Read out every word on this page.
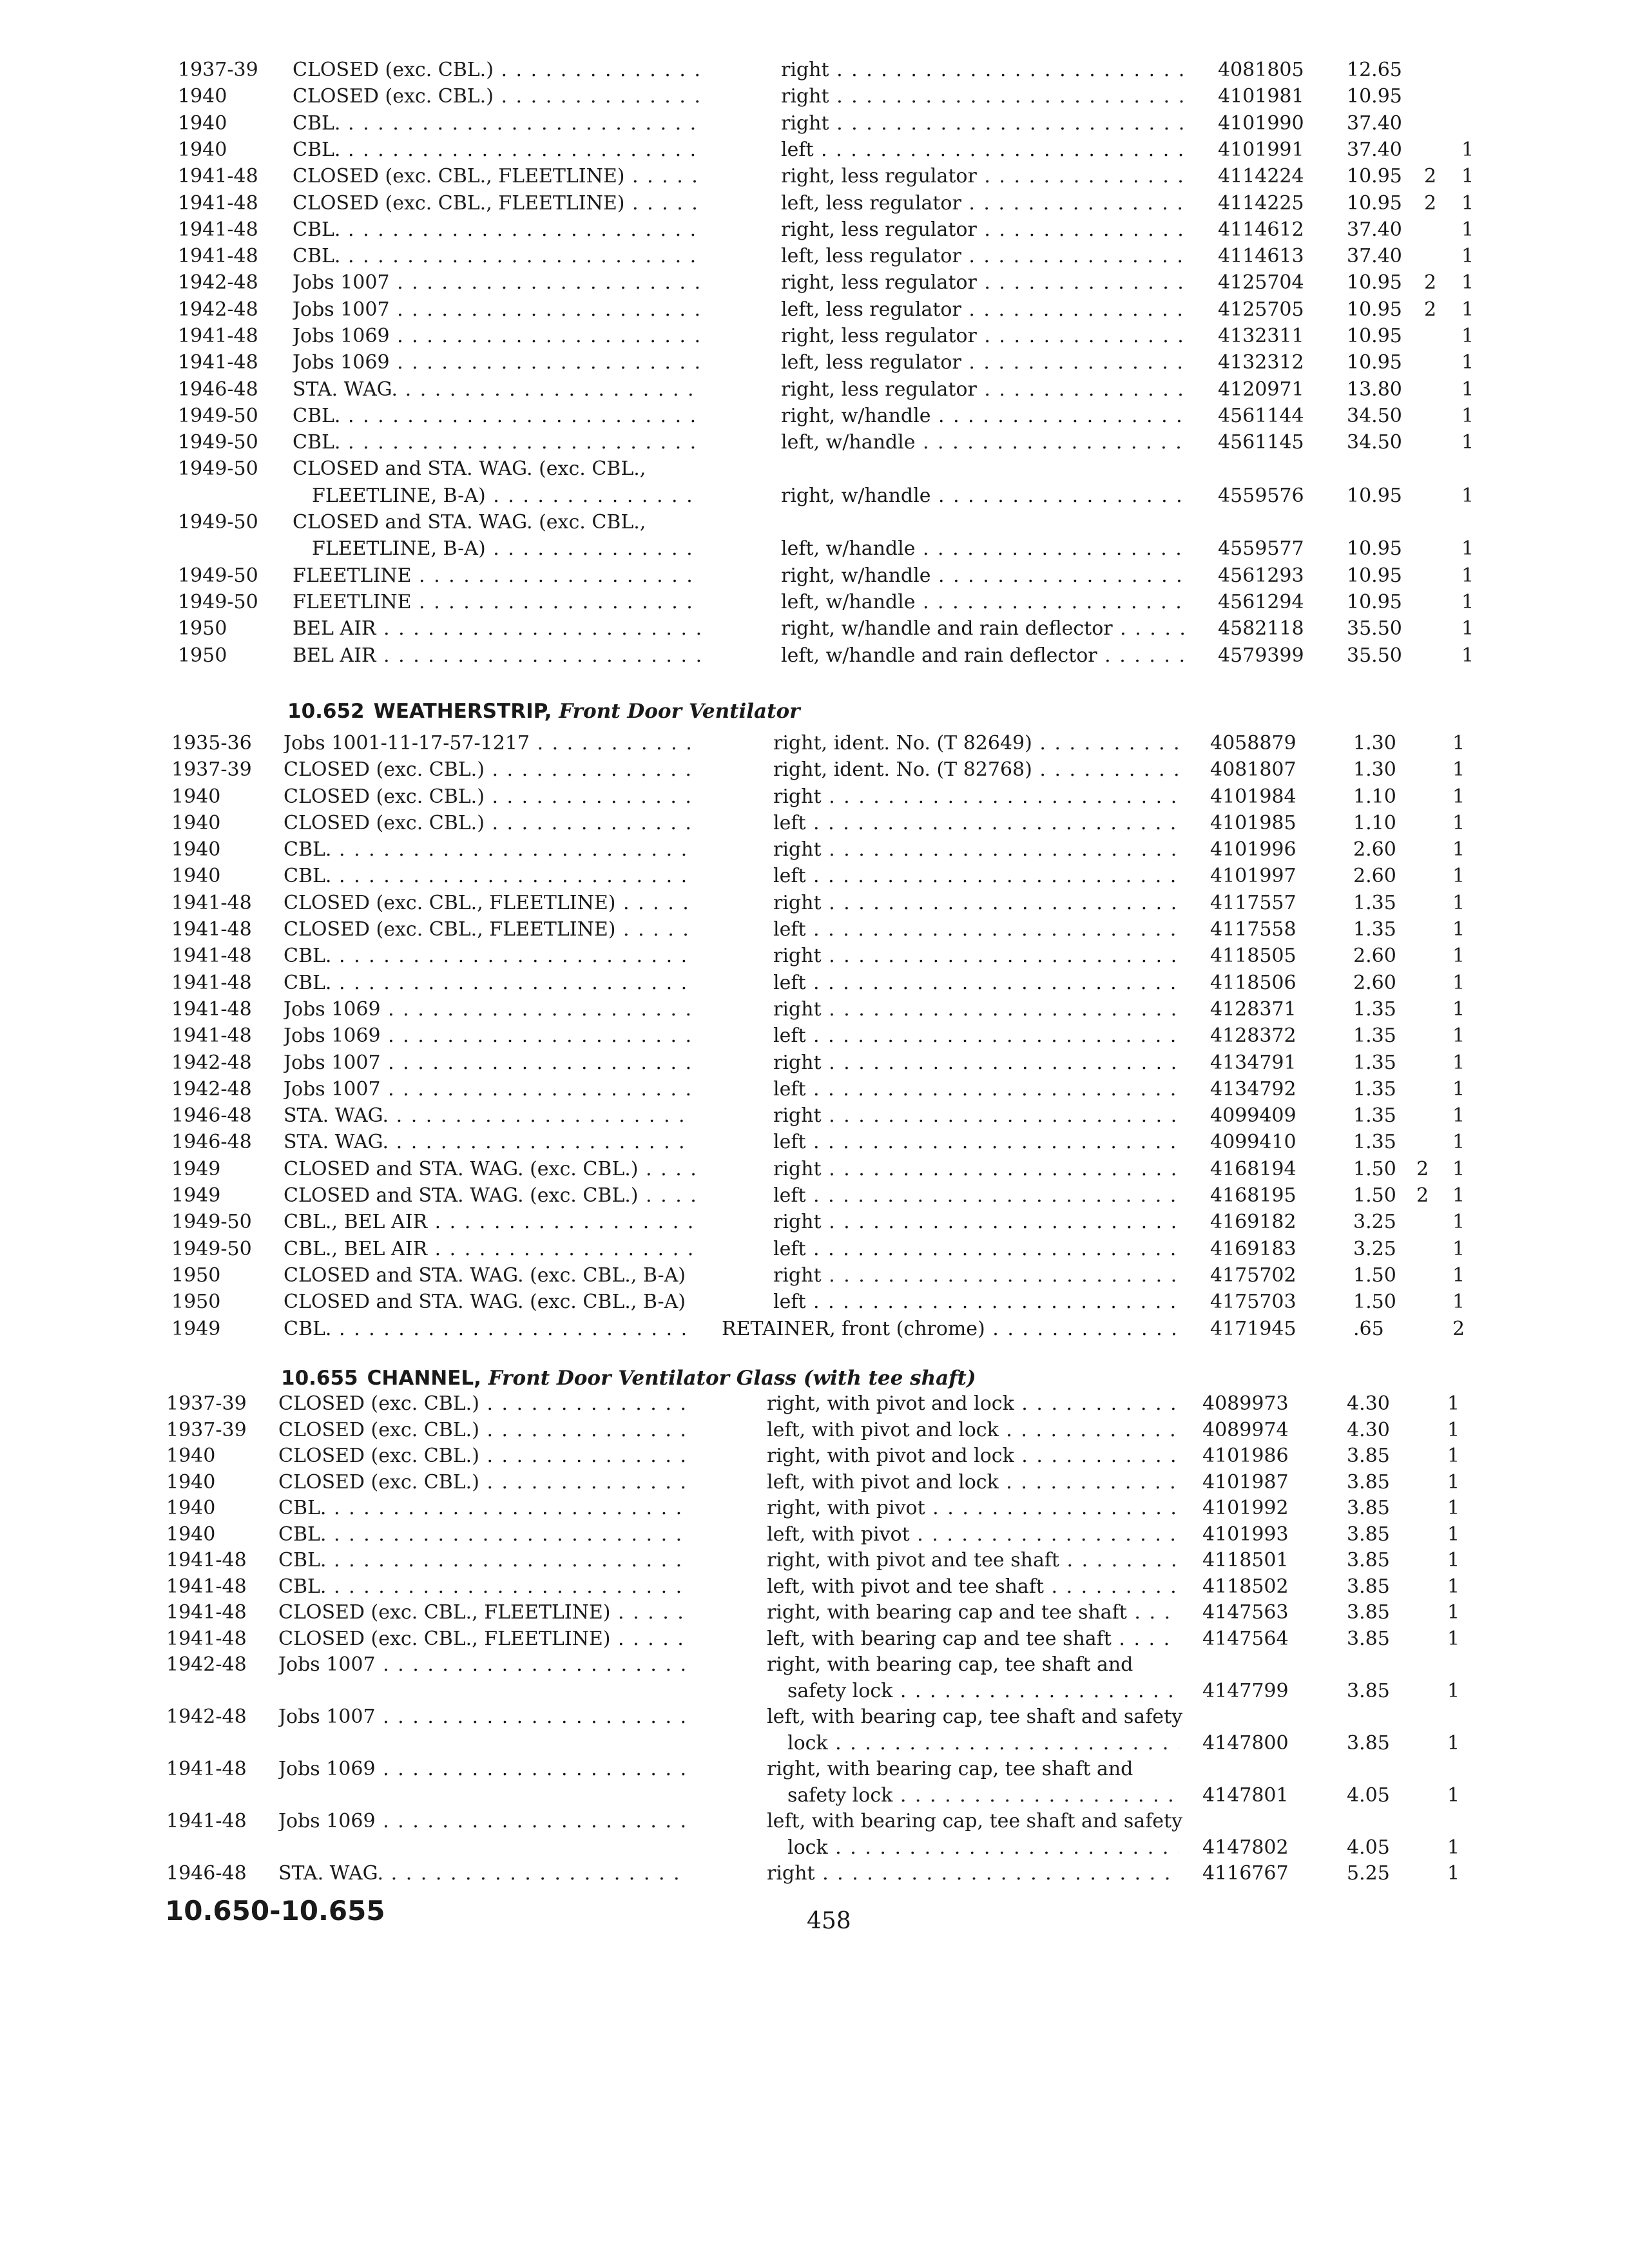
1937-39 CLOSED (exc. CBL.) . . .	right . . .	4081805 12.65
1940	CLOSED (exc. CBL.) . . .	right . . .	4101981 10.95
1940	CBL. . . .	right . . .	4101990 37.40
1940	CBL. . . .	left . . .	4101991 37.40	1
1941-48 CLOSED (exc. CBL., FLEETLINE) . . .	right, less regulator . . .	4114224 10.95 2 1
1941-48 CLOSED (exc. CBL., FLEETLINE) . . .	left, less regulator . . .	4114225 10.95 2 1
1941-48 CBL. . . .	right, less regulator . . .	4114612 37.40	1
1941-48 CBL. . . .	left, less regulator . . .	4114613 37.40	1
1942-48 Jobs 1007 . . .	right, less regulator . . .	4125704 10.95 2 1
1942-48 Jobs 1007 . . .	left, less regulator . . .	4125705 10.95 2 1
1941-48 Jobs 1069 . . .	right, less regulator . . .	4132311 10.95	1
1941-48 Jobs 1069 . . .	left, less regulator . . .	4132312 10.95	1
1946-48 STA. WAG. . . .	right, less regulator . . .	4120971 13.80	1
1949-50 CBL. . . .	right, w/handle . . .	4561144 34.50	1
1949-50 CBL. . . .	left, w/handle . . .	4561145 34.50	1
1949-50 CLOSED and STA. WAG. (exc. CBL.,
FLEETLINE, B-A) . . .	right, w/handle . . .	4559576 10.95	1
1949-50 CLOSED and STA. WAG. (exc. CBL.,
FLEETLINE, B-A) . . .	left, w/handle . . .	4559577 10.95	1
1949-50 FLEETLINE . . .	right, w/handle . . .	4561293 10.95	1
1949-50 FLEETLINE . . .	left, w/handle . . .	4561294 10.95	1
1950	BEL AIR . . .	right, w/handle and rain deflector . . .	4582118 35.50	1
1950	BEL AIR . . .	left, w/handle and rain deflector . . .	4579399 35.50	1
10.652 WEATHERSTRIP, Front Door Ventilator
1935-36 Jobs 1001-11-17-57-1217 . . .	right, ident. No. (T 82649) . . .	4058879	1.30	1
1937-39 CLOSED (exc. CBL.) . . .	right, ident. No. (T 82768) . . .	4081807	1.30	1
1940	CLOSED (exc. CBL.) . . .	right . . .	4101984	1.10	1
1940	CLOSED (exc. CBL.) . . .	left . . .	4101985	1.10	1
1940	CBL. . . .	right . . .	4101996	2.60	1
1940	CBL. . . .	left . . .	4101997	2.60	1
1941-48 CLOSED (exc. CBL., FLEETLINE) . . .	right . . .	4117557	1.35	1
1941-48 CLOSED (exc. CBL., FLEETLINE) . . .	left . . .	4117558	1.35	1
1941-48 CBL. . . .	right . . .	4118505	2.60	1
1941-48 CBL. . . .	left . . .	4118506	2.60	1
1941-48 Jobs 1069 . . .	right . . .	4128371	1.35	1
1941-48 Jobs 1069 . . .	left . . .	4128372	1.35	1
1942-48 Jobs 1007 . . .	right . . .	4134791	1.35	1
1942-48 Jobs 1007 . . .	left . . .	4134792	1.35	1
1946-48 STA. WAG. . . .	right . . .	4099409	1.35	1
1946-48 STA. WAG. . . .	left . . .	4099410	1.35	1
1949	CLOSED and STA. WAG. (exc. CBL.) . . .	right . . .	4168194	1.50 2 1
1949	CLOSED and STA. WAG. (exc. CBL.) . . .	left . . .	4168195	1.50 2 1
1949-50 CBL., BEL AIR . . .	right . . .	4169182	3.25	1
1949-50 CBL., BEL AIR . . .	left . . .	4169183	3.25	1
1950	CLOSED and STA. WAG. (exc. CBL., B-A) . . .	right . . .	4175702	1.50	1
1950	CLOSED and STA. WAG. (exc. CBL., B-A) . . .	left . . .	4175703	1.50	1
1949	CBL. . . .	RETAINER, front (chrome) . . .	4171945	.65	2
10.655 CHANNEL, Front Door Ventilator Glass (with tee shaft)
1937-39 CLOSED (exc. CBL.) . . .	right, with pivot and lock . . .	4089973	4.30	1
1937-39 CLOSED (exc. CBL.) . . .	left, with pivot and lock . . .	4089974	4.30	1
1940	CLOSED (exc. CBL.) . . .	right, with pivot and lock . . .	4101986	3.85	1
1940	CLOSED (exc. CBL.) . . .	left, with pivot and lock . . .	4101987	3.85	1
1940	CBL. . . .	right, with pivot . . .	4101992	3.85	1
1940	CBL. . . .	left, with pivot . . .	4101993	3.85	1
1941-48 CBL. . . .	right, with pivot and tee shaft . . .	4118501	3.85	1
1941-48 CBL. . . .	left, with pivot and tee shaft . . .	4118502	3.85	1
1941-48 CLOSED (exc. CBL., FLEETLINE) . . .	right, with bearing cap and tee shaft . . .	4147563	3.85	1
1941-48 CLOSED (exc. CBL., FLEETLINE) . . .	left, with bearing cap and tee shaft . . .	4147564	3.85	1
1942-48 Jobs 1007 . . .	right, with bearing cap, tee shaft and
safety lock . . .	4147799	3.85	1
1942-48 Jobs 1007 . . .	left, with bearing cap, tee shaft and safety
lock . . .	4147800	3.85	1
1941-48 Jobs 1069 . . .	right, with bearing cap, tee shaft and
safety lock . . .	4147801	4.05	1
1941-48 Jobs 1069 . . .	left, with bearing cap, tee shaft and safety
lock . . .	4147802	4.05	1
1946-48 STA. WAG. . . .	right . . .	4116767	5.25	1
10.650-10.655	458
